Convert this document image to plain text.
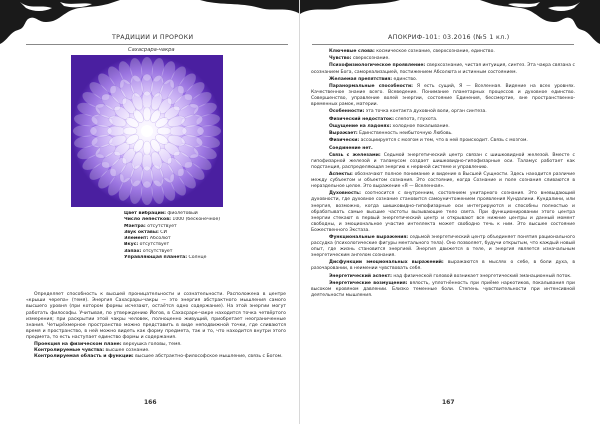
ТРАДИЦИИ И ПРОРОКИ
Сахасрара-чакра
Цвет вибрации: фиолетовый
Число лепестков: 1000 (бесконечное)
Мантра: отсутствует
Звук октавы: СИ
Элемент: Абсолют
Вкус: отсутствует
Запах: отсутствует
Управляющая планета: Солнце

Определяет способность к высшей проницательности и сознательности. Расположена в центре «крыши черепа» (темя). Энергия Сахасрары-чакры — это энергия абстрактного мышления самого высшего уровня (при котором формы исчезают, остаётся одно содержание). На этой энергии могут работать философы. Учитывая, по утверждению Йогов, в Сахасраре-чакре находится точка четвёртого измерения; при раскрытии этой чакры человек, полноценно живущий, приобретает неограниченные знания. Четырёхмерное пространство можно представить в виде неподвижной точки, где сливаются время и пространство, в ней можно видеть как форму предмета, так и то, что находится внутри этого предмета, то есть наступает единство формы и содержания.

Проекция на физическом плане: верхушка головы, темя.

Контролируемые чувства: высшее сознание.

Контролируемая область и функции: высшее абстрактно-философское мышление, связь с Богом.

166
АПОКРИФ-101: 03.2016 (№5 1 кл.)

Ключевые слова: космическое сознание, сверхсознание, единство.

Чувство: сверхсознание.

Психофизиологическое проявление: сверхсознание, чистая интуиция, синтез. Эта чакра связана с осознанием Бога, самореализацией, постижением Абсолюта и истинным состоянием.

Желаемая препятствия: единство.

Паранормальные способности: Я есть сущий, Я — Вселенная. Видение на всех уровнях. Качественное знание всего. Всеведение. Понимание планетарных процессов и духовное единство. Совершенство, управление волей энергии, состояние Единения, бессмертие, вне пространственно-временных рамок, материи.

Особенности: эта точка контакта духовной воли, орган синтеза.

Физический недостаток: слепота, глухота.

Ощущение на ладонях: холодное покалывание.

Выражает: Единственность неибыточную Любовь.

Физически: ассоциируется с мозгом и тем, что в ней происходит. Связь с мозгом.

Соединение нет.

Связь с железами: Седьмой энергетический центр связан с шишковидной железой. Вместе с гипофизарной железой и таламусом создает шишковидно-гипофизарные оси. Таламус работает как подстанция, распределяющая энергию к нервной системе и управлению.

Аспекты: обозначают полное понимание и видение в Высшей Сущности. Здесь находится различие между субъектом и объектом сознания. Это состояние, когда Сознание и поле сознания сливаются в нераздельное целое. Это выражение «Я — Вселенная».

Духовность: соотносится с внутренним, состоянием унитарного сознания. Это вневыдающий духовности, где духовное сознание становится самоуничтожением проявления Кундалини. Кундалини, или энергия, возможно, когда шишковидно-гипофизарные оси интегрируются и способны полностью и обрабатывать самые высшие частоты вызывающие тело света. При функционировании этого центра энергии стекают в первый энергетический центр и открывают все нижние центры и данный момент свободны, и эмоциональное участие интеллекта может свободно течь к ним. Это высшее состояние Божественного Экстаза.

Функциональные выражения: седьмой энергетический центр объединяет понятия рационального рассудка (психологические фигуры ментального тела). Оно позволяет, будучи открытым, что каждый новый опыт, где жизнь становится энергией. Энергия движется в теле, и энергия является изначальным энергетическим ангелом сознания.

Дисфункции эмоциональных выражений: выражаются в мыслях о себе, в боли духа, в разочаровании, в неимении чувствовать себя.

Энергетический аспект: над физической головой возникает энергетический эманационный поток.

Энергетические возмущения: вялость, уплотнённость при приёме наркотиков, покалывания при высоком кровяном давлении. Близко теменные боли. Степень чувствительности при интенсивной деятельности мышления.

167
